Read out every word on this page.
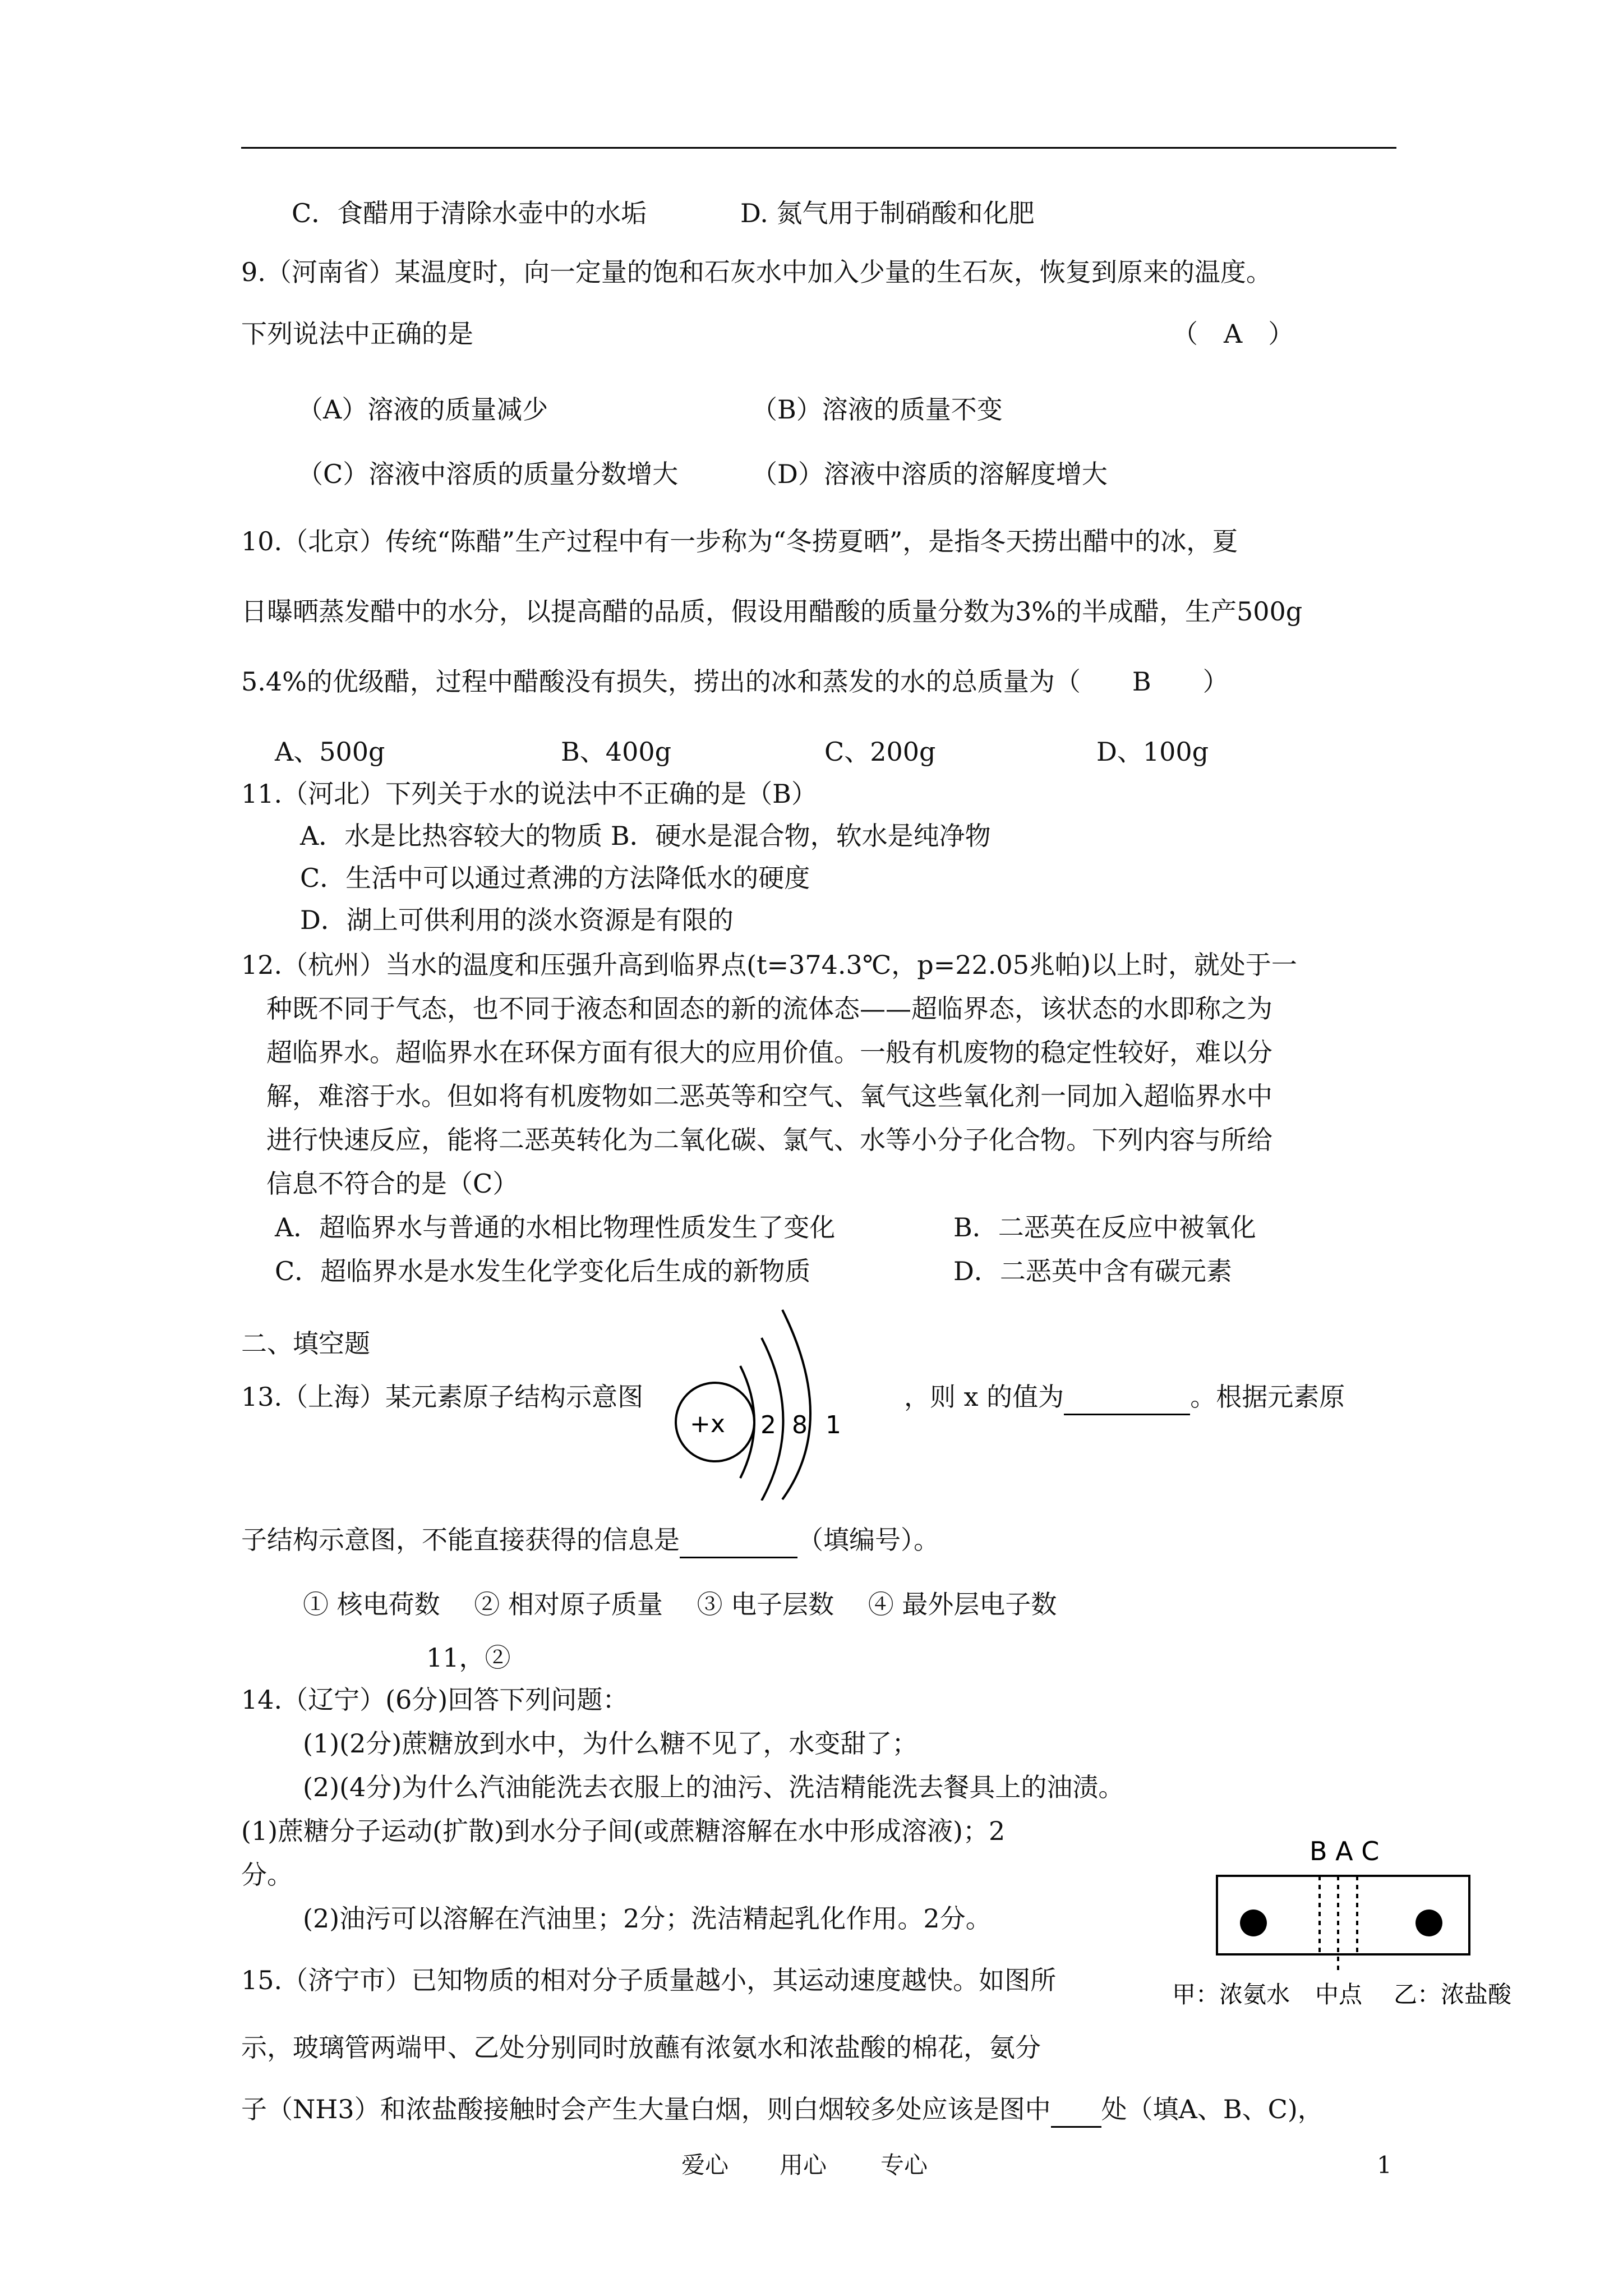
C．食醋用于清除水壶中的水垢	D. 氮气用于制硝酸和化肥
9.（河南省）某温度时，向一定量的饱和石灰水中加入少量的生石灰，恢复到原来的温度。
下列说法中正确的是	（　A　）
（A）溶液的质量减少	（B）溶液的质量不变
（C）溶液中溶质的质量分数增大	（D）溶液中溶质的溶解度增大
10.（北京）传统“陈醋”生产过程中有一步称为“冬捞夏晒”，是指冬天捞出醋中的冰，夏
日曝晒蒸发醋中的水分，以提高醋的品质，假设用醋酸的质量分数为3%的半成醋，生产500g
5.4%的优级醋，过程中醋酸没有损失，捞出的冰和蒸发的水的总质量为（　　B　　）
A、500g	B、400g	C、200g	D、100g
11.（河北）下列关于水的说法中不正确的是（B）
A．水是比热容较大的物质 B．硬水是混合物，软水是纯净物
C．生活中可以通过煮沸的方法降低水的硬度
D．湖上可供利用的淡水资源是有限的
12.（杭州）当水的温度和压强升高到临界点(t=374.3℃，p=22.05兆帕)以上时，就处于一
种既不同于气态，也不同于液态和固态的新的流体态——超临界态，该状态的水即称之为
超临界水。超临界水在环保方面有很大的应用价值。一般有机废物的稳定性较好，难以分
解，难溶于水。但如将有机废物如二恶英等和空气、氧气这些氧化剂一同加入超临界水中
进行快速反应，能将二恶英转化为二氧化碳、氯气、水等小分子化合物。下列内容与所给
信息不符合的是（C）
A．超临界水与普通的水相比物理性质发生了变化	B．二恶英在反应中被氧化
C．超临界水是水发生化学变化后生成的新物质	D．二恶英中含有碳元素
二、填空题
13.（上海）某元素原子结构示意图	，则 x 的值为	。根据元素原
+x 2 8 1
子结构示意图，不能直接获得的信息是	（填编号）。
① 核电荷数　 ② 相对原子质量　 ③ 电子层数　 ④ 最外层电子数
11，②
14.（辽宁）(6分)回答下列问题：
(1)(2分)蔗糖放到水中，为什么糖不见了，水变甜了；
(2)(4分)为什么汽油能洗去衣服上的油污、洗洁精能洗去餐具上的油渍。
(1)蔗糖分子运动(扩散)到水分子间(或蔗糖溶解在水中形成溶液)；2
分。
(2)油污可以溶解在汽油里；2分；洗洁精起乳化作用。2分。
15.（济宁市）已知物质的相对分子质量越小，其运动速度越快。如图所
示，玻璃管两端甲、乙处分别同时放蘸有浓氨水和浓盐酸的棉花，氨分
子（NH3）和浓盐酸接触时会产生大量白烟，则白烟较多处应该是图中 处（填A、B、C)，
B A C
甲：浓氨水 中点 乙：浓盐酸
爱心 用心 专心	1
